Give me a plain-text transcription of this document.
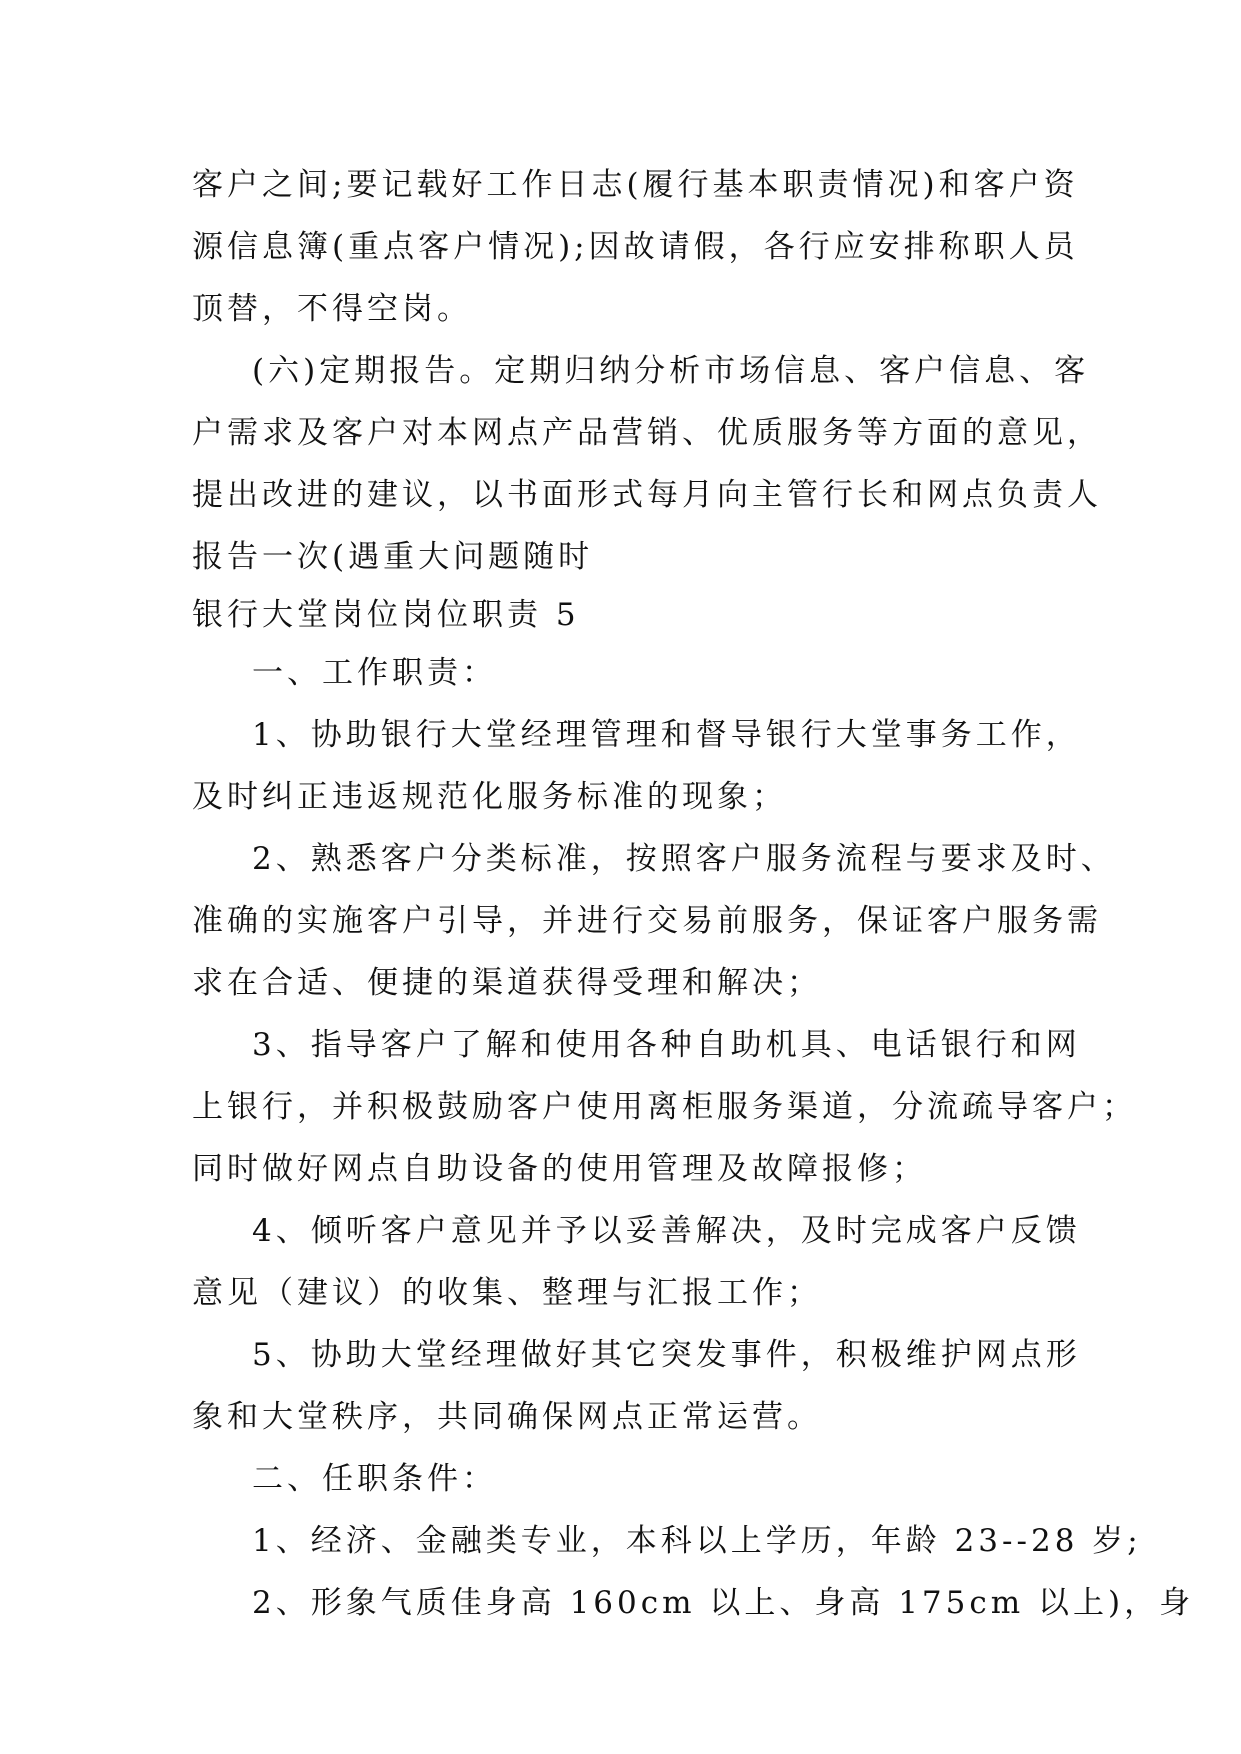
客户之间;要记载好工作日志(履行基本职责情况)和客户资
源信息簿(重点客户情况);因故请假，各行应安排称职人员
顶替，不得空岗。
(六)定期报告。定期归纳分析市场信息、客户信息、客
户需求及客户对本网点产品营销、优质服务等方面的意见，
提出改进的建议，以书面形式每月向主管行长和网点负责人
报告一次(遇重大问题随时
银行大堂岗位岗位职责 5
一、工作职责：
1、协助银行大堂经理管理和督导银行大堂事务工作，
及时纠正违返规范化服务标准的现象；
2、熟悉客户分类标准，按照客户服务流程与要求及时、
准确的实施客户引导，并进行交易前服务，保证客户服务需
求在合适、便捷的渠道获得受理和解决；
3、指导客户了解和使用各种自助机具、电话银行和网
上银行，并积极鼓励客户使用离柜服务渠道，分流疏导客户；
同时做好网点自助设备的使用管理及故障报修；
4、倾听客户意见并予以妥善解决，及时完成客户反馈
意见（建议）的收集、整理与汇报工作；
5、协助大堂经理做好其它突发事件，积极维护网点形
象和大堂秩序，共同确保网点正常运营。
二、任职条件：
1、经济、金融类专业，本科以上学历，年龄 23--28 岁;
2、形象气质佳身高 160cm 以上、身高 175cm 以上)，身
